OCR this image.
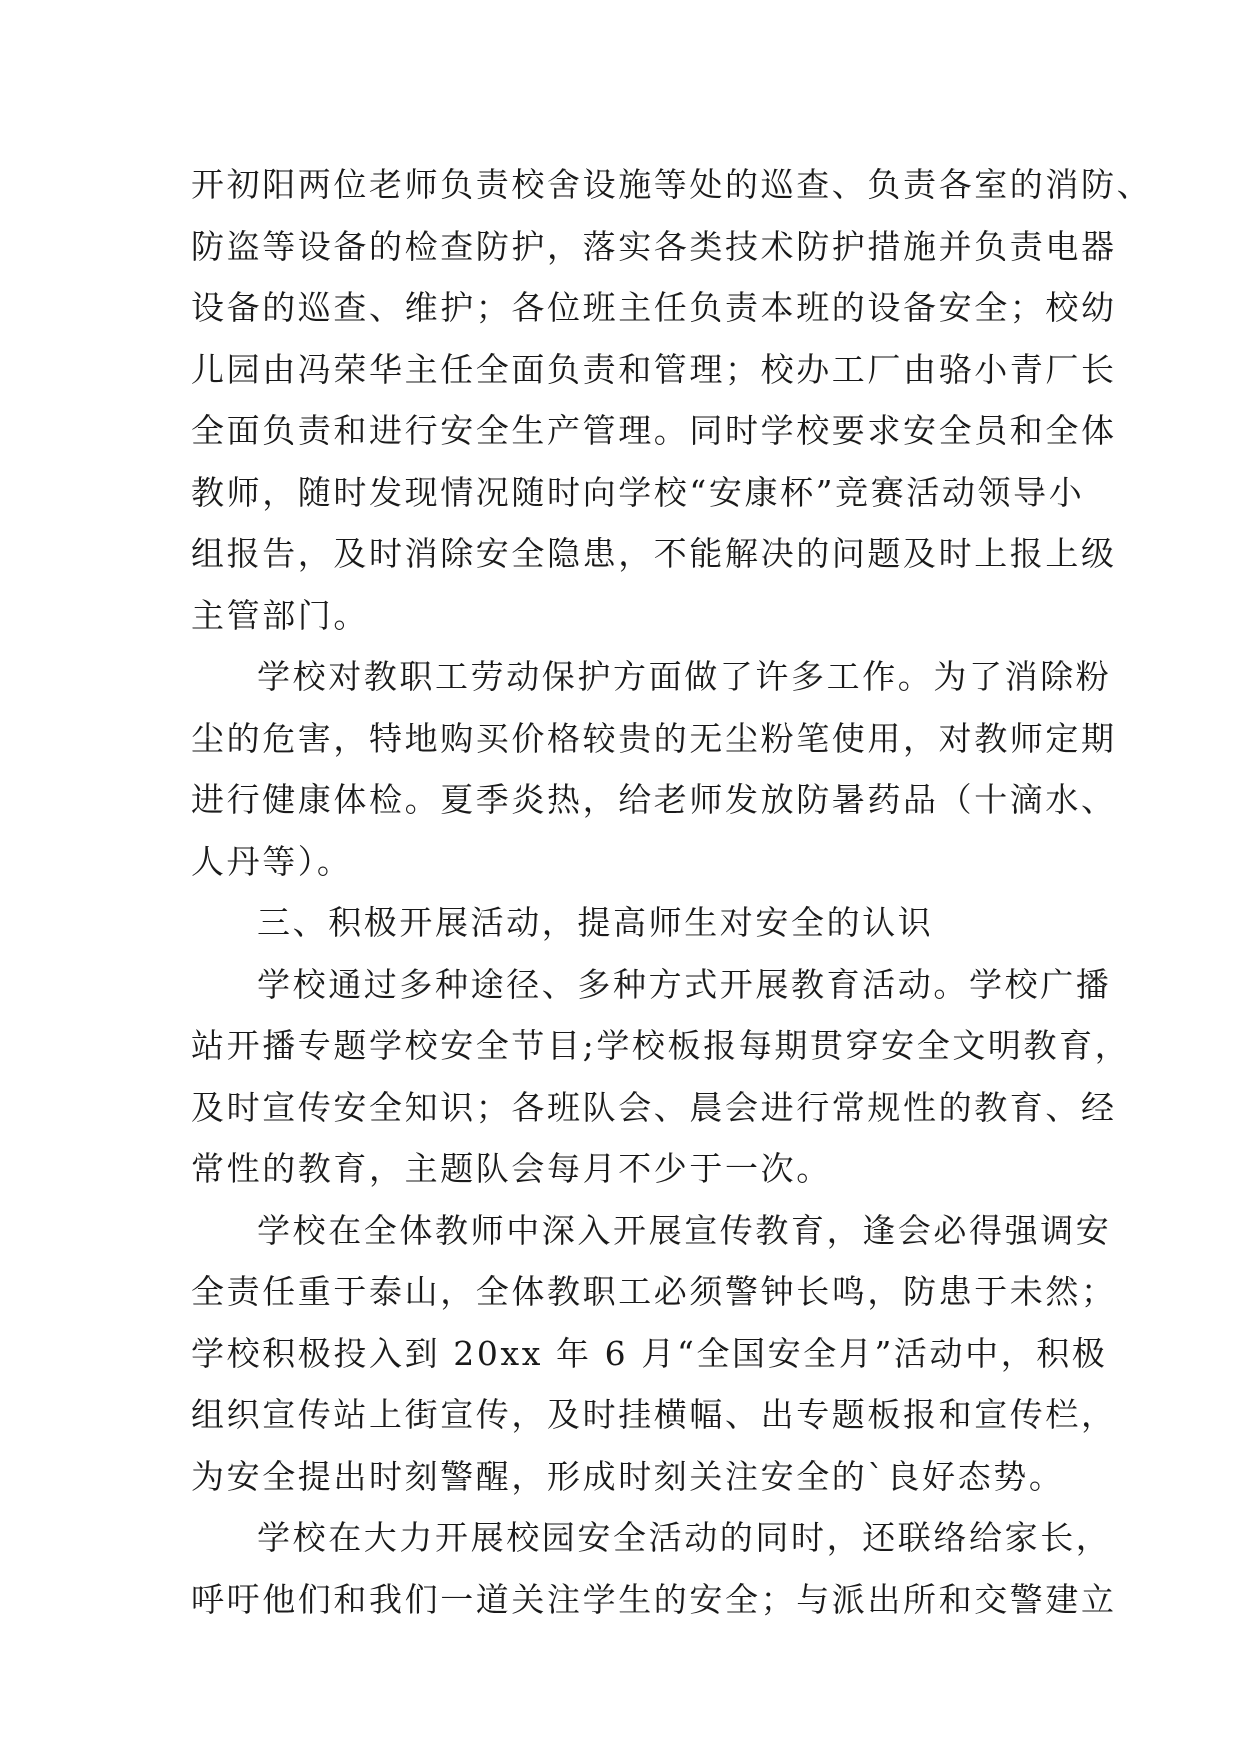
开初阳两位老师负责校舍设施等处的巡查、负责各室的消防、
防盗等设备的检查防护，落实各类技术防护措施并负责电器
设备的巡查、维护；各位班主任负责本班的设备安全；校幼
儿园由冯荣华主任全面负责和管理；校办工厂由骆小青厂长
全面负责和进行安全生产管理。同时学校要求安全员和全体
教师，随时发现情况随时向学校“安康杯”竞赛活动领导小
组报告，及时消除安全隐患，不能解决的问题及时上报上级
主管部门。
学校对教职工劳动保护方面做了许多工作。为了消除粉
尘的危害，特地购买价格较贵的无尘粉笔使用，对教师定期
进行健康体检。夏季炎热，给老师发放防暑药品（十滴水、
人丹等）。
三、积极开展活动，提高师生对安全的认识
学校通过多种途径、多种方式开展教育活动。学校广播
站开播专题学校安全节目;学校板报每期贯穿安全文明教育，
及时宣传安全知识；各班队会、晨会进行常规性的教育、经
常性的教育，主题队会每月不少于一次。
学校在全体教师中深入开展宣传教育，逢会必得强调安
全责任重于泰山，全体教职工必须警钟长鸣，防患于未然；
学校积极投入到 20xx 年 6 月“全国安全月”活动中，积极
组织宣传站上街宣传，及时挂横幅、出专题板报和宣传栏，
为安全提出时刻警醒，形成时刻关注安全的`良好态势。
学校在大力开展校园安全活动的同时，还联络给家长，
呼吁他们和我们一道关注学生的安全；与派出所和交警建立
